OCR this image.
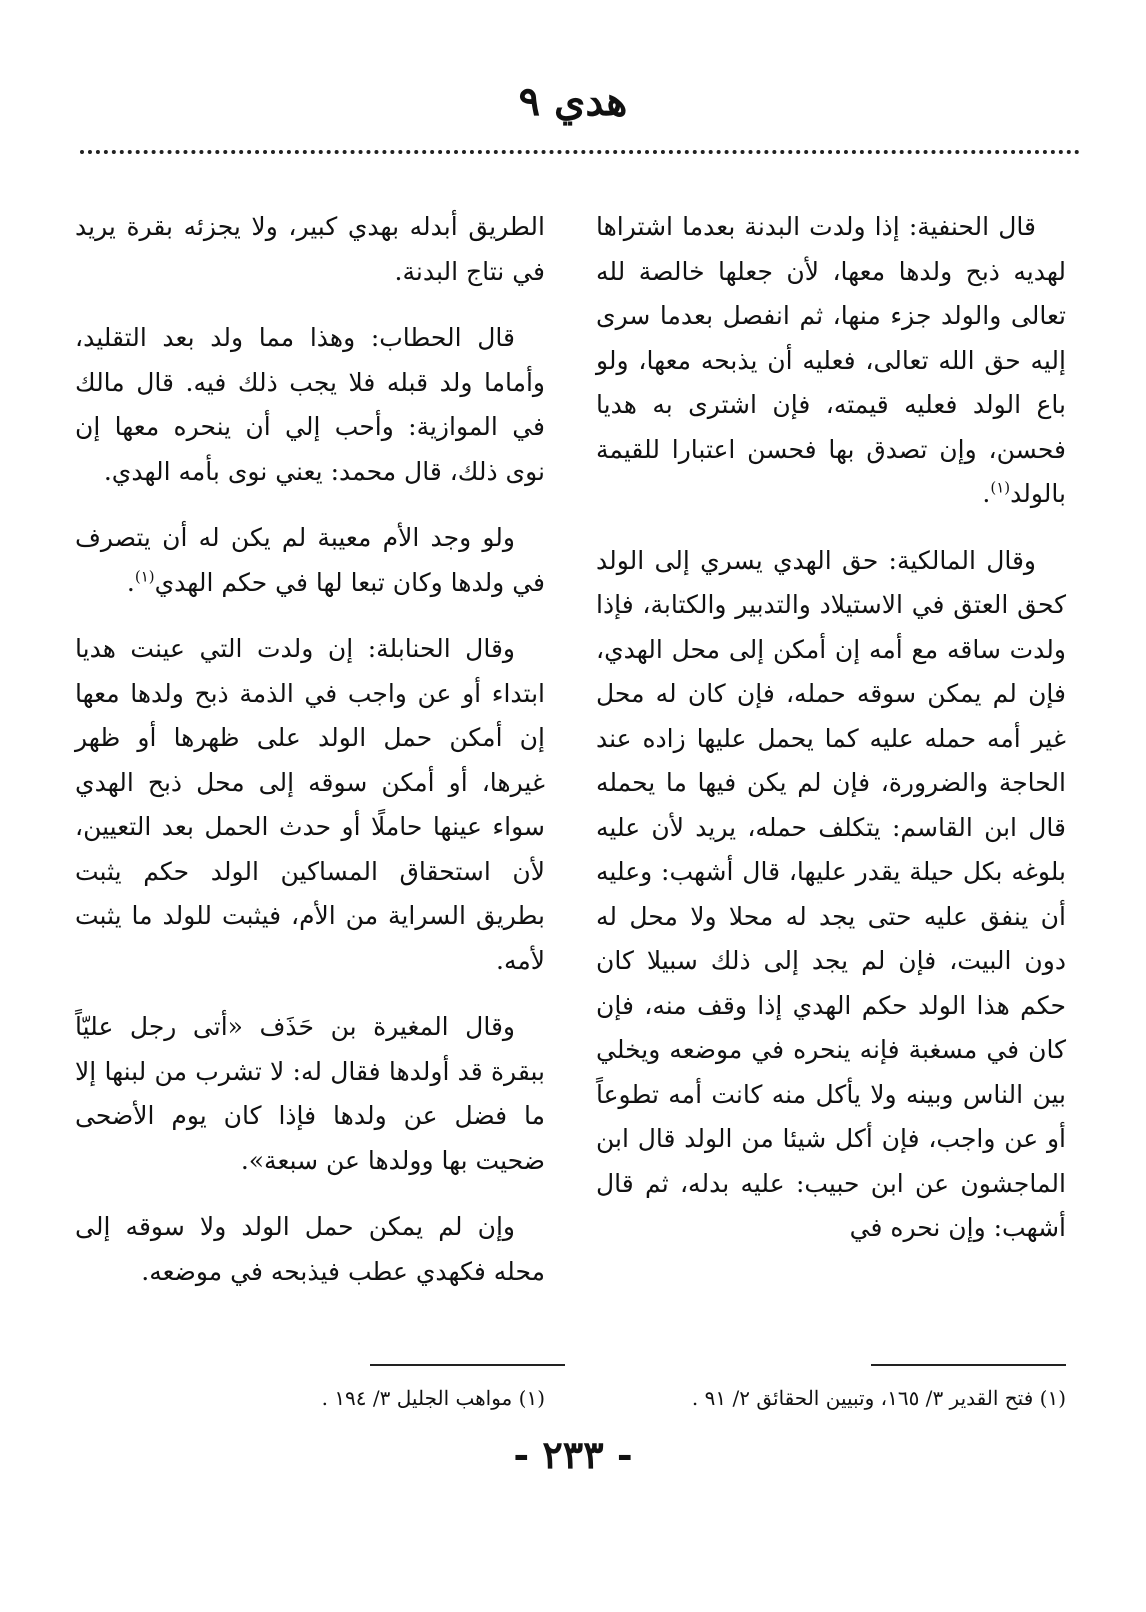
هدي ٩

قال الحنفية: إذا ولدت البدنة بعدما اشتراها لهديه ذبح ولدها معها، لأن جعلها خالصة لله تعالى والولد جزء منها، ثم انفصل بعدما سرى إليه حق الله تعالى، فعليه أن يذبحه معها، ولو باع الولد فعليه قيمته، فإن اشترى به هديا فحسن، وإن تصدق بها فحسن اعتبارا للقيمة بالولد$^{(١)}$.

وقال المالكية: حق الهدي يسري إلى الولد كحق العتق في الاستيلاد والتدبير والكتابة، فإذا ولدت ساقه مع أمه إن أمكن إلى محل الهدي، فإن لم يمكن سوقه حمله، فإن كان له محل غير أمه حمله عليه كما يحمل عليها زاده عند الحاجة والضرورة، فإن لم يكن فيها ما يحمله قال ابن القاسم: يتكلف حمله، يريد لأن عليه بلوغه بكل حيلة يقدر عليها، قال أشهب: وعليه أن ينفق عليه حتى يجد له محلا ولا محل له دون البيت، فإن لم يجد إلى ذلك سبيلا كان حكم هذا الولد حكم الهدي إذا وقف منه، فإن كان في مسغبة فإنه ينحره في موضعه ويخلي بين الناس وبينه ولا يأكل منه كانت أمه تطوعاً أو عن واجب، فإن أكل شيئا من الولد قال ابن الماجشون عن ابن حبيب: عليه بدله، ثم قال أشهب: وإن نحره في

الطريق أبدله بهدي كبير، ولا يجزئه بقرة يريد في نتاج البدنة.

قال الحطاب: وهذا مما ولد بعد التقليد، وأماما ولد قبله فلا يجب ذلك فيه. قال مالك في الموازية: وأحب إلي أن ينحره معها إن نوى ذلك، قال محمد: يعني نوى بأمه الهدي.

ولو وجد الأم معيبة لم يكن له أن يتصرف في ولدها وكان تبعا لها في حكم الهدي$^{(١)}$.

وقال الحنابلة: إن ولدت التي عينت هديا ابتداء أو عن واجب في الذمة ذبح ولدها معها إن أمكن حمل الولد على ظهرها أو ظهر غيرها، أو أمكن سوقه إلى محل ذبح الهدي سواء عينها حاملًا أو حدث الحمل بعد التعيين، لأن استحقاق المساكين الولد حكم يثبت بطريق السراية من الأم، فيثبت للولد ما يثبت لأمه.

وقال المغيرة بن حَذَف «أتى رجل عليّاً ببقرة قد أولدها فقال له: لا تشرب من لبنها إلا ما فضل عن ولدها فإذا كان يوم الأضحى ضحيت بها وولدها عن سبعة».

وإن لم يمكن حمل الولد ولا سوقه إلى محله فكهدي عطب فيذبحه في موضعه.

(١) فتح القدير ٣/ ١٦٥، وتبيين الحقائق ٢/ ٩١ .
(١) مواهب الجليل ٣/ ١٩٤ .
- ٢٣٣ -
